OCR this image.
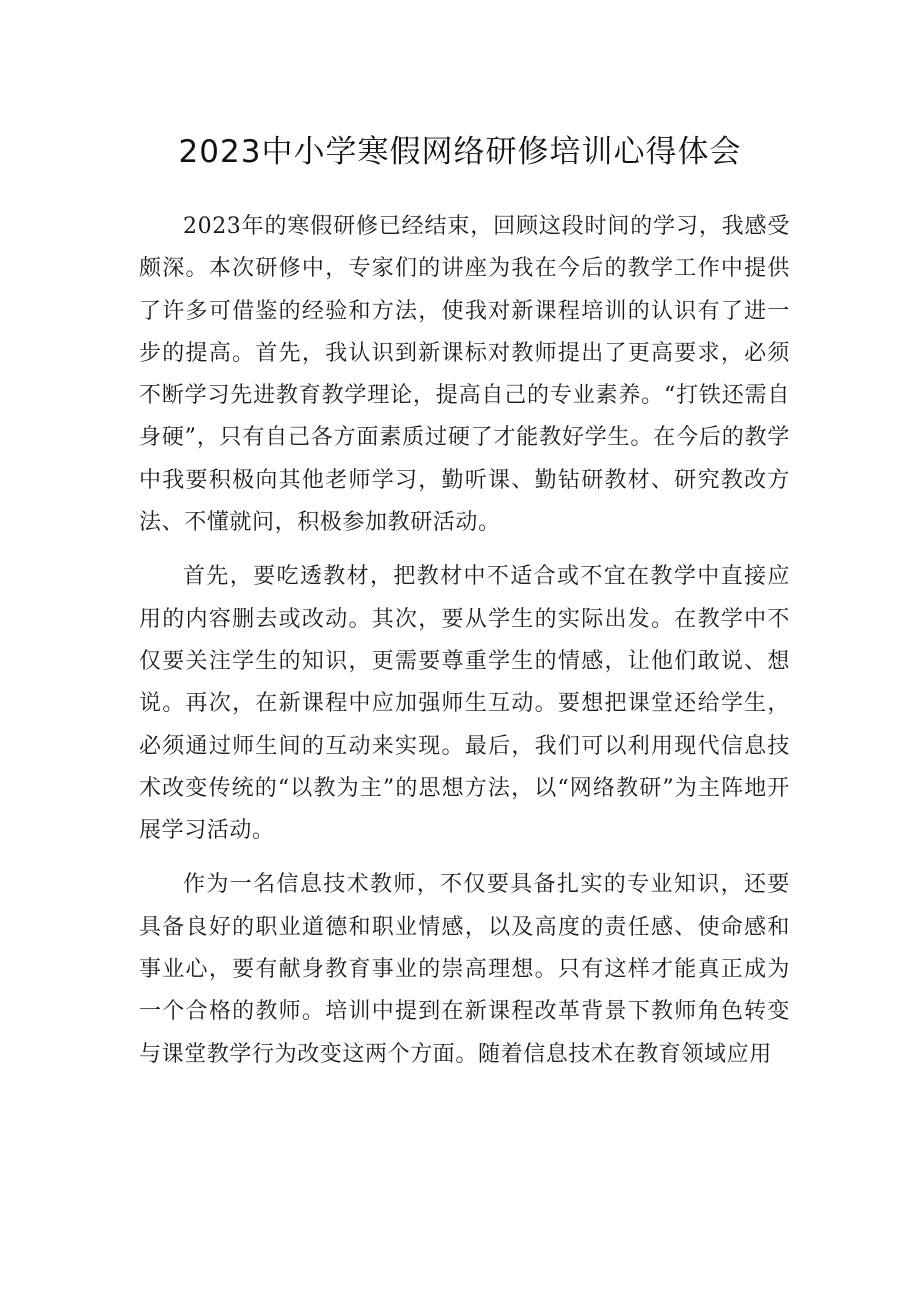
2023中小学寒假网络研修培训心得体会

2023年的寒假研修已经结束，回顾这段时间的学习，我感受颇深。本次研修中，专家们的讲座为我在今后的教学工作中提供了许多可借鉴的经验和方法，使我对新课程培训的认识有了进一步的提高。首先，我认识到新课标对教师提出了更高要求，必须不断学习先进教育教学理论，提高自己的专业素养。“打铁还需自身硬”，只有自己各方面素质过硬了才能教好学生。在今后的教学中我要积极向其他老师学习，勤听课、勤钻研教材、研究教改方法、不懂就问，积极参加教研活动。

首先，要吃透教材，把教材中不适合或不宜在教学中直接应用的内容删去或改动。其次，要从学生的实际出发。在教学中不仅要关注学生的知识，更需要尊重学生的情感，让他们敢说、想说。再次，在新课程中应加强师生互动。要想把课堂还给学生，必须通过师生间的互动来实现。最后，我们可以利用现代信息技术改变传统的“以教为主”的思想方法，以“网络教研”为主阵地开展学习活动。

作为一名信息技术教师，不仅要具备扎实的专业知识，还要具备良好的职业道德和职业情感，以及高度的责任感、使命感和事业心，要有献身教育事业的崇高理想。只有这样才能真正成为一个合格的教师。培训中提到在新课程改革背景下教师角色转变与课堂教学行为改变这两个方面。随着信息技术在教育领域应用
